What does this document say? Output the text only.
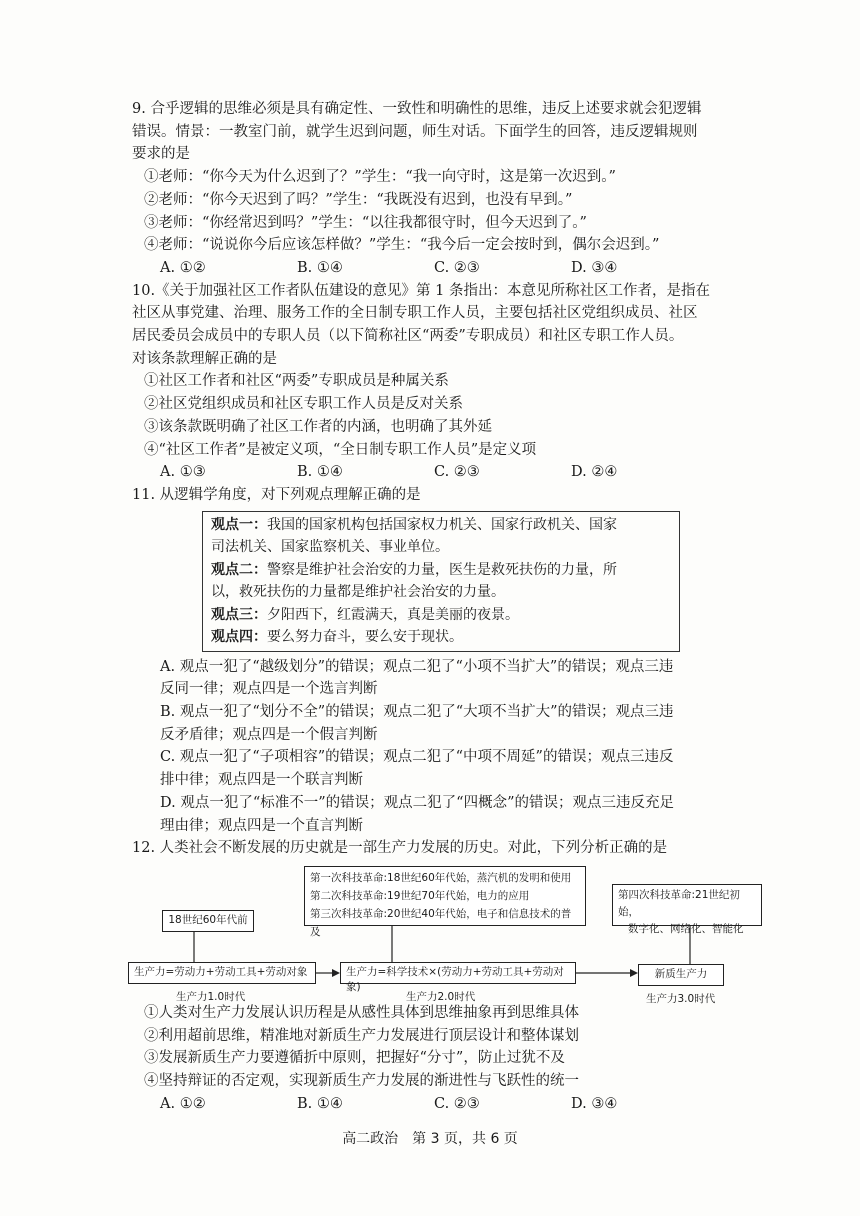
9. 合乎逻辑的思维必须是具有确定性、一致性和明确性的思维，违反上述要求就会犯逻辑

错误。情景：一教室门前，就学生迟到问题，师生对话。下面学生的回答，违反逻辑规则

要求的是

①老师：“你今天为什么迟到了？”学生：“我一向守时，这是第一次迟到。”

②老师：“你今天迟到了吗？”学生：“我既没有迟到，也没有早到。”

③老师：“你经常迟到吗？”学生：“以往我都很守时，但今天迟到了。”

④老师：“说说你今后应该怎样做？”学生：“我今后一定会按时到，偶尔会迟到。”

A. ①②	B. ①④	C. ②③	D. ③④

10.《关于加强社区工作者队伍建设的意见》第 1 条指出：本意见所称社区工作者，是指在

社区从事党建、治理、服务工作的全日制专职工作人员，主要包括社区党组织成员、社区

居民委员会成员中的专职人员（以下简称社区“两委”专职成员）和社区专职工作人员。

对该条款理解正确的是

①社区工作者和社区“两委”专职成员是种属关系

②社区党组织成员和社区专职工作人员是反对关系

③该条款既明确了社区工作者的内涵，也明确了其外延

④“社区工作者”是被定义项，“全日制专职工作人员”是定义项

A. ①③	B. ①④	C. ②③	D. ②④

11. 从逻辑学角度，对下列观点理解正确的是

观点一：我国的国家机构包括国家权力机关、国家行政机关、国家
司法机关、国家监察机关、事业单位。
观点二：警察是维护社会治安的力量，医生是救死扶伤的力量，所
以，救死扶伤的力量都是维护社会治安的力量。
观点三：夕阳西下，红霞满天，真是美丽的夜景。
观点四：要么努力奋斗，要么安于现状。

A. 观点一犯了“越级划分”的错误；观点二犯了“小项不当扩大”的错误；观点三违

反同一律；观点四是一个选言判断

B. 观点一犯了“划分不全”的错误；观点二犯了“大项不当扩大”的错误；观点三违

反矛盾律；观点四是一个假言判断

C. 观点一犯了“子项相容”的错误；观点二犯了“中项不周延”的错误；观点三违反

排中律；观点四是一个联言判断

D. 观点一犯了“标准不一”的错误；观点二犯了“四概念”的错误；观点三违反充足

理由律；观点四是一个直言判断

12. 人类社会不断发展的历史就是一部生产力发展的历史。对此，下列分析正确的是

18世纪60年代前
生产力=劳动力+劳动工具+劳动对象
生产力1.0时代
第一次科技革命:18世纪60年代始，蒸汽机的发明和使用
第二次科技革命:19世纪70年代始，电力的应用
第三次科技革命:20世纪40年代始，电子和信息技术的普及
生产力=科学技术×(劳动力+劳动工具+劳动对象)
生产力2.0时代
第四次科技革命:21世纪初始，
数字化、网络化、智能化
新质生产力
生产力3.0时代

①人类对生产力发展认识历程是从感性具体到思维抽象再到思维具体

②利用超前思维，精准地对新质生产力发展进行顶层设计和整体谋划

③发展新质生产力要遵循折中原则，把握好“分寸”，防止过犹不及

④坚持辩证的否定观，实现新质生产力发展的渐进性与飞跃性的统一

A. ①②	B. ①④	C. ②③	D. ③④
高二政治　第 3 页，共 6 页
